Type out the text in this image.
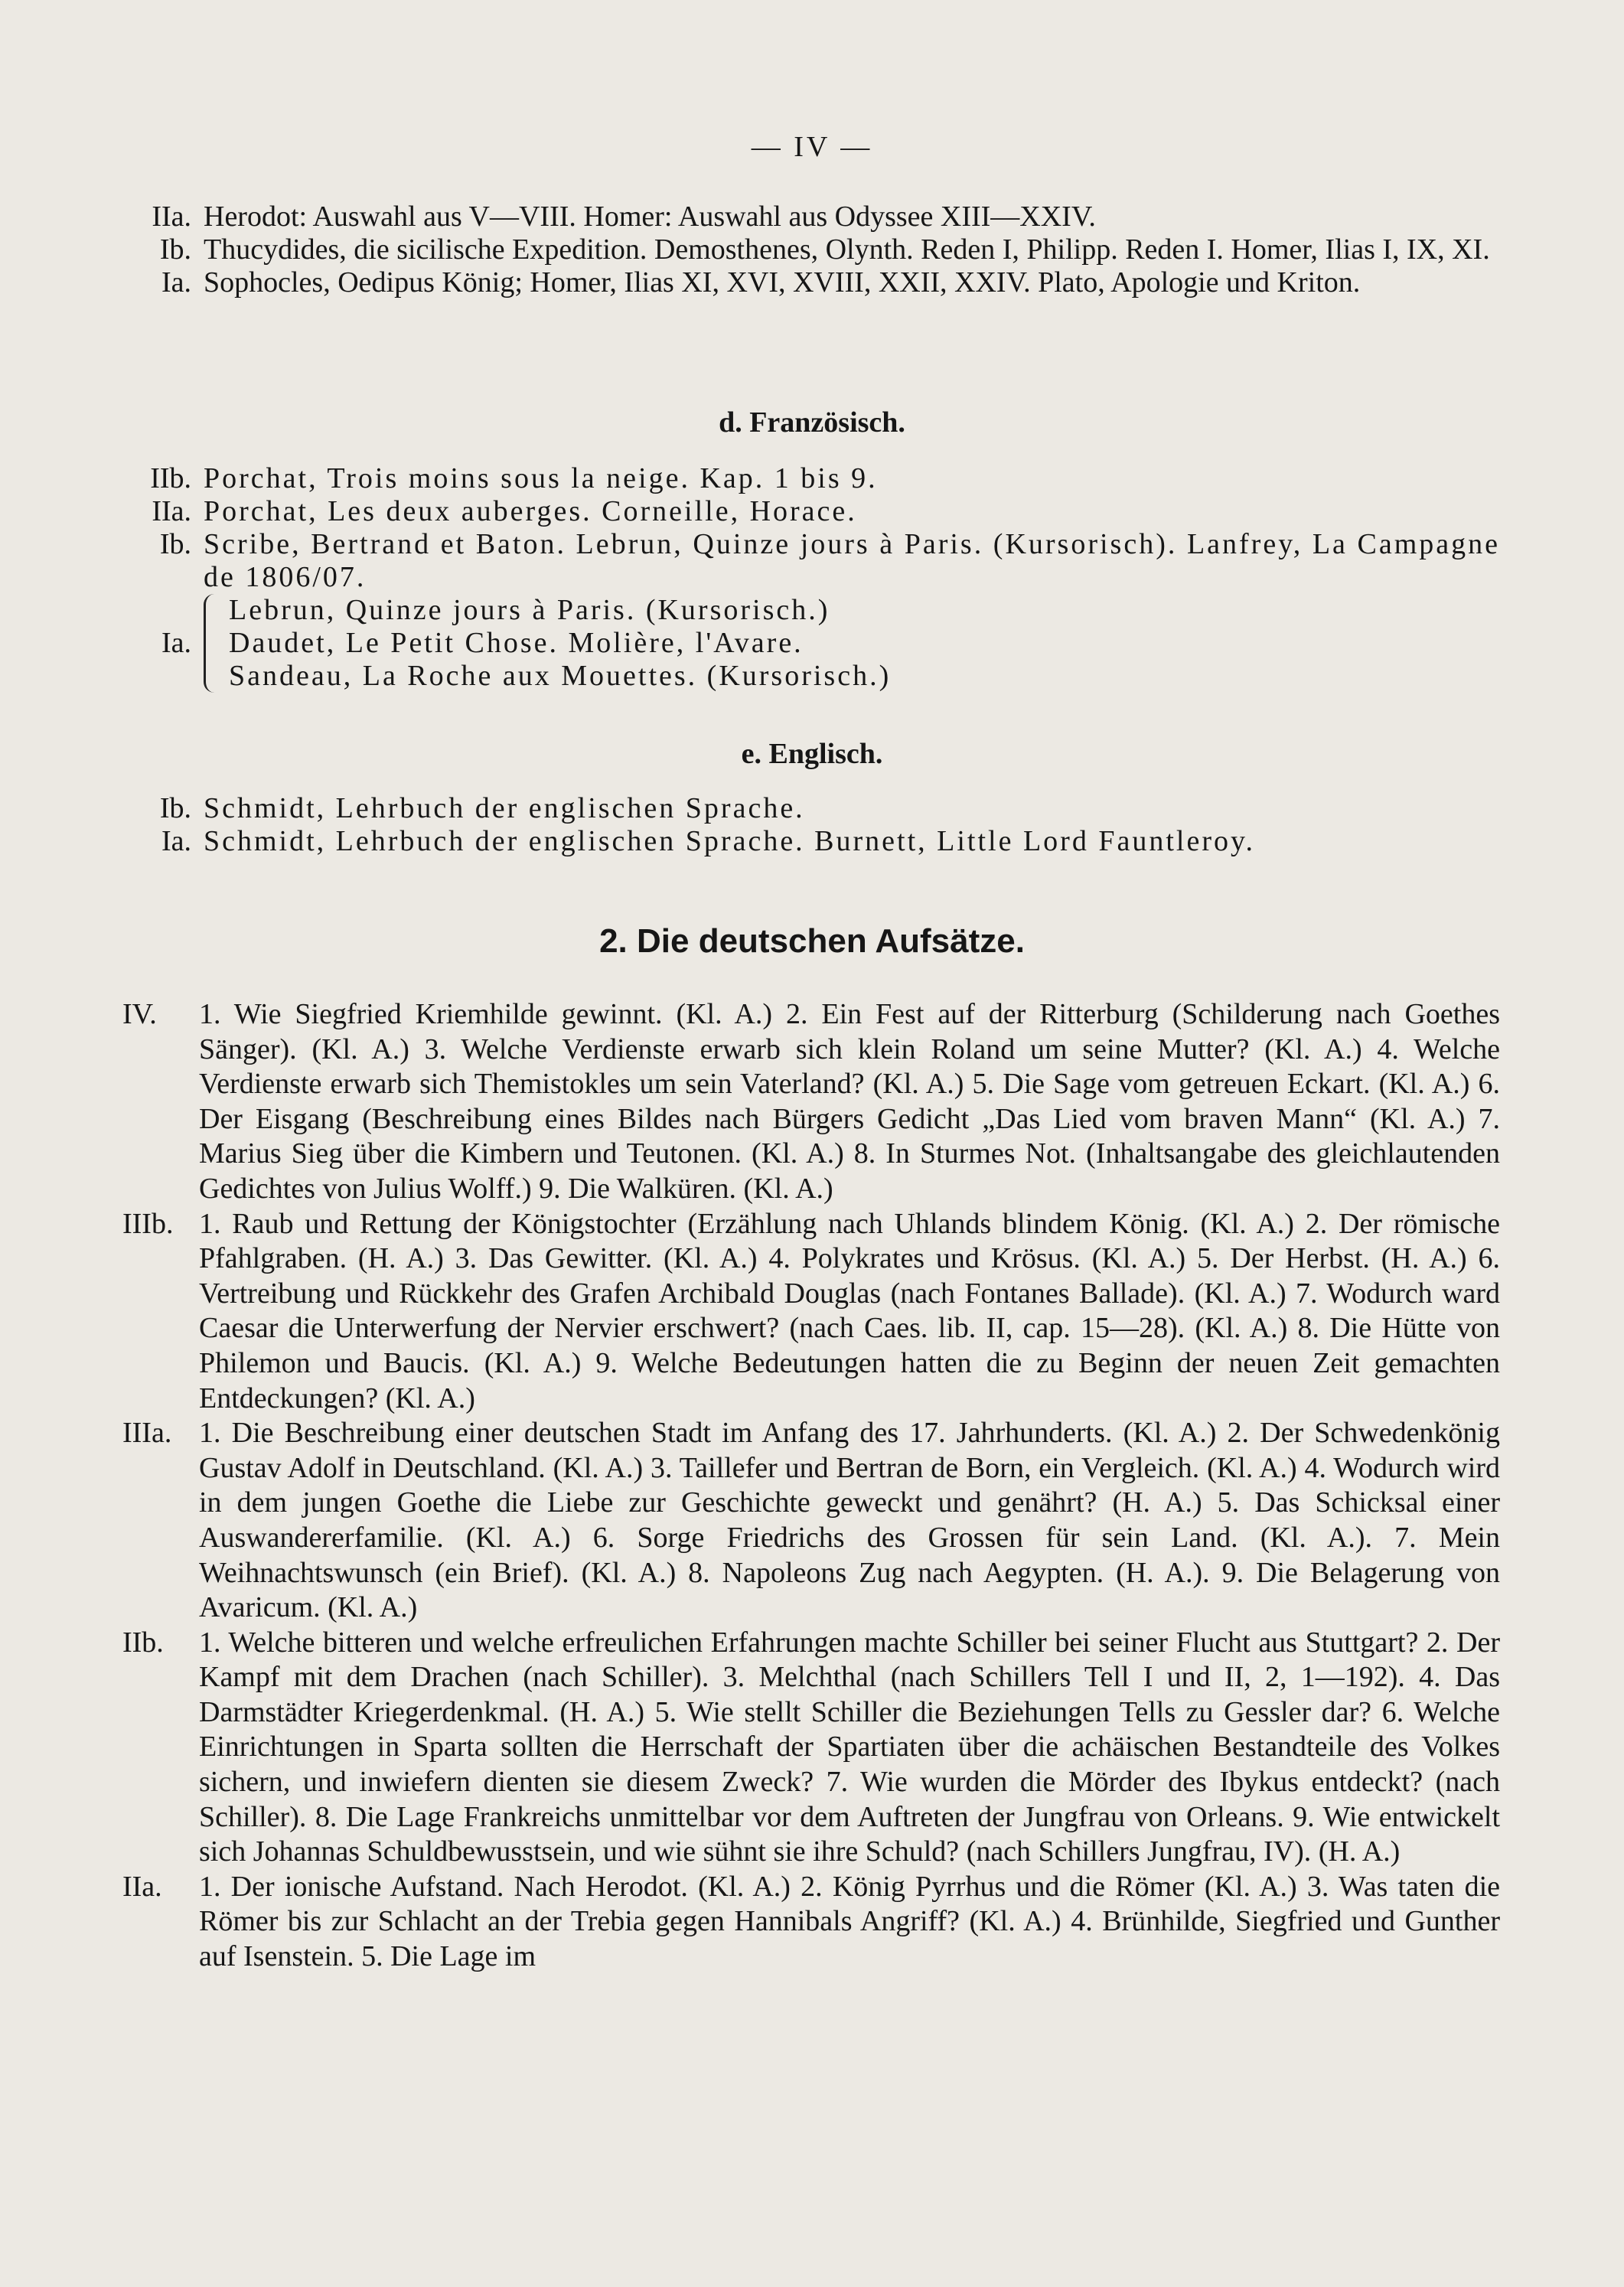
— IV —
IIa. Herodot: Auswahl aus V—VIII. Homer: Auswahl aus Odyssee XIII—XXIV.
Ib. Thucydides, die sicilische Expedition. Demosthenes, Olynth. Reden I, Philipp. Reden I. Homer, Ilias I, IX, XI.
Ia. Sophocles, Oedipus König; Homer, Ilias XI, XVI, XVIII, XXII, XXIV. Plato, Apologie und Kriton.
d. Französisch.
IIb. Porchat, Trois moins sous la neige. Kap. 1 bis 9.
IIa. Porchat, Les deux auberges. Corneille, Horace.
Ib. Scribe, Bertrand et Baton. Lebrun, Quinze jours à Paris. (Kursorisch). Lanfrey, La Campagne de 1806/07.
Ia.
Lebrun, Quinze jours à Paris. (Kursorisch.)
Daudet, Le Petit Chose. Molière, l'Avare.
Sandeau, La Roche aux Mouettes. (Kursorisch.)
e. Englisch.
Ib. Schmidt, Lehrbuch der englischen Sprache.
Ia. Schmidt, Lehrbuch der englischen Sprache. Burnett, Little Lord Fauntleroy.
2. Die deutschen Aufsätze.
IV.	1. Wie Siegfried Kriemhilde gewinnt. (Kl. A.) 2. Ein Fest auf der Ritterburg (Schilderung nach Goethes Sänger). (Kl. A.) 3. Welche Verdienste erwarb sich klein Roland um seine Mutter? (Kl. A.) 4. Welche Verdienste erwarb sich Themistokles um sein Vaterland? (Kl. A.) 5. Die Sage vom getreuen Eckart. (Kl. A.) 6. Der Eisgang (Beschreibung eines Bildes nach Bürgers Gedicht „Das Lied vom braven Mann“ (Kl. A.) 7. Marius Sieg über die Kimbern und Teutonen. (Kl. A.) 8. In Sturmes Not. (Inhaltsangabe des gleichlautenden Gedichtes von Julius Wolff.) 9. Die Walküren. (Kl. A.)
IIIb. 1. Raub und Rettung der Königstochter (Erzählung nach Uhlands blindem König. (Kl. A.) 2. Der römische Pfahlgraben. (H. A.) 3. Das Gewitter. (Kl. A.) 4. Polykrates und Krösus. (Kl. A.) 5. Der Herbst. (H. A.) 6. Vertreibung und Rückkehr des Grafen Archibald Douglas (nach Fontanes Ballade). (Kl. A.) 7. Wodurch ward Caesar die Unterwerfung der Nervier erschwert? (nach Caes. lib. II, cap. 15—28). (Kl. A.) 8. Die Hütte von Philemon und Baucis. (Kl. A.) 9. Welche Bedeutungen hatten die zu Beginn der neuen Zeit gemachten Entdeckungen? (Kl. A.)
IIIa. 1. Die Beschreibung einer deutschen Stadt im Anfang des 17. Jahrhunderts. (Kl. A.) 2. Der Schwedenkönig Gustav Adolf in Deutschland. (Kl. A.) 3. Taillefer und Bertran de Born, ein Vergleich. (Kl. A.) 4. Wodurch wird in dem jungen Goethe die Liebe zur Geschichte geweckt und genährt? (H. A.) 5. Das Schicksal einer Auswandererfamilie. (Kl. A.) 6. Sorge Friedrichs des Grossen für sein Land. (Kl. A.). 7. Mein Weihnachtswunsch (ein Brief). (Kl. A.) 8. Napoleons Zug nach Aegypten. (H. A.). 9. Die Belagerung von Avaricum. (Kl. A.)
IIb.	1. Welche bitteren und welche erfreulichen Erfahrungen machte Schiller bei seiner Flucht aus Stuttgart? 2. Der Kampf mit dem Drachen (nach Schiller). 3. Melchthal (nach Schillers Tell I und II, 2, 1—192). 4. Das Darmstädter Kriegerdenkmal. (H. A.) 5. Wie stellt Schiller die Beziehungen Tells zu Gessler dar? 6. Welche Einrichtungen in Sparta sollten die Herrschaft der Spartiaten über die achäischen Bestandteile des Volkes sichern, und inwiefern dienten sie diesem Zweck? 7. Wie wurden die Mörder des Ibykus entdeckt? (nach Schiller). 8. Die Lage Frankreichs unmittelbar vor dem Auftreten der Jungfrau von Orleans. 9. Wie entwickelt sich Johannas Schuldbewusstsein, und wie sühnt sie ihre Schuld? (nach Schillers Jungfrau, IV). (H. A.)
IIa.	1. Der ionische Aufstand. Nach Herodot. (Kl. A.) 2. König Pyrrhus und die Römer (Kl. A.) 3. Was taten die Römer bis zur Schlacht an der Trebia gegen Hannibals Angriff? (Kl. A.) 4. Brünhilde, Siegfried und Gunther auf Isenstein. 5. Die Lage im
